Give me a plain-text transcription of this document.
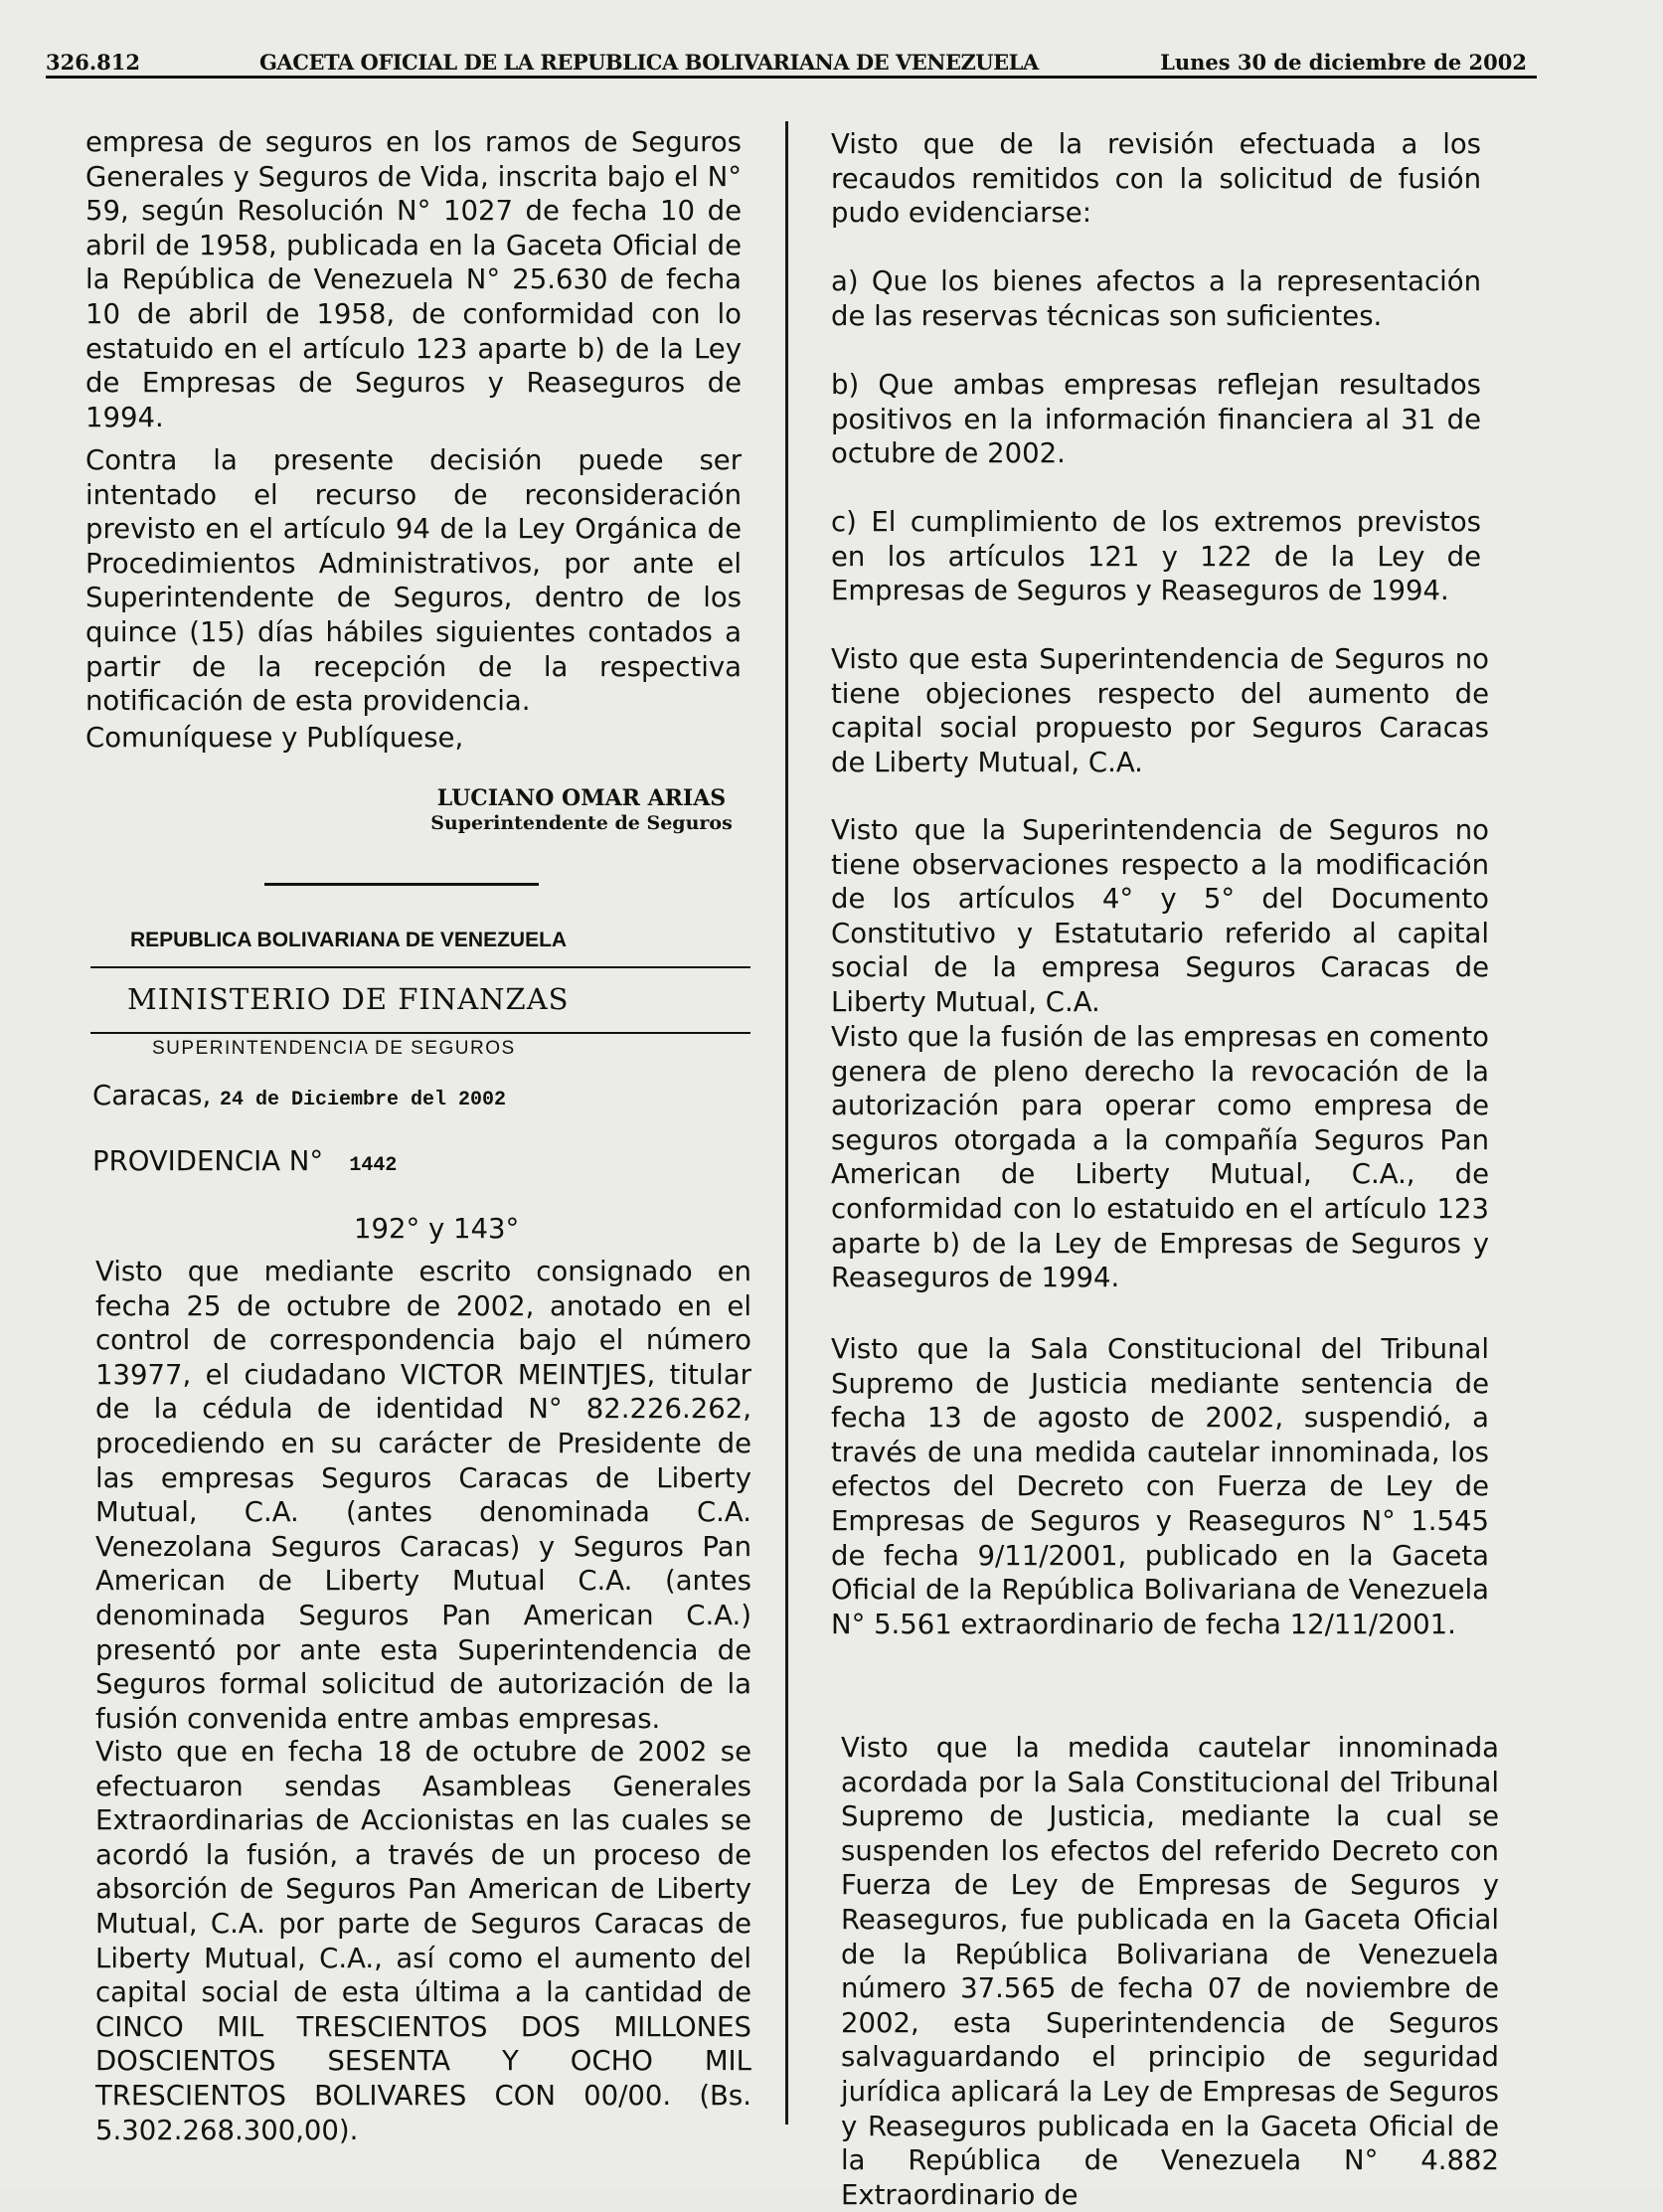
326.812	GACETA OFICIAL DE LA REPUBLICA BOLIVARIANA DE VENEZUELA	Lunes 30 de diciembre de 2002

empresa de seguros en los ramos de Seguros Generales y Seguros de Vida, inscrita bajo el N° 59, según Resolución N° 1027 de fecha 10 de abril de 1958, publicada en la Gaceta Oficial de la República de Venezuela N° 25.630 de fecha 10 de abril de 1958, de conformidad con lo estatuido en el artículo 123 aparte b) de la Ley de Empresas de Seguros y Reaseguros de 1994.

Contra la presente decisión puede ser intentado el recurso de reconsideración previsto en el artículo 94 de la Ley Orgánica de Procedimientos Administrativos, por ante el Superintendente de Seguros, dentro de los quince (15) días hábiles siguientes contados a partir de la recepción de la respectiva notificación de esta providencia.

Comuníquese y Publíquese,

LUCIANO OMAR ARIAS
Superintendente de Seguros
REPUBLICA BOLIVARIANA DE VENEZUELA
MINISTERIO DE FINANZAS
SUPERINTENDENCIA DE SEGUROS
Caracas, 24 de Diciembre del 2002
PROVIDENCIA N° 1442
192° y 143°

Visto que mediante escrito consignado en fecha 25 de octubre de 2002, anotado en el control de correspondencia bajo el número 13977, el ciudadano VICTOR MEINTJES, titular de la cédula de identidad N° 82.226.262, procediendo en su carácter de Presidente de las empresas Seguros Caracas de Liberty Mutual, C.A. (antes denominada C.A. Venezolana Seguros Caracas) y Seguros Pan American de Liberty Mutual C.A. (antes denominada Seguros Pan American C.A.) presentó por ante esta Superintendencia de Seguros formal solicitud de autorización de la fusión convenida entre ambas empresas.

Visto que en fecha 18 de octubre de 2002 se efectuaron sendas Asambleas Generales Extraordinarias de Accionistas en las cuales se acordó la fusión, a través de un proceso de absorción de Seguros Pan American de Liberty Mutual, C.A. por parte de Seguros Caracas de Liberty Mutual, C.A., así como el aumento del capital social de esta última a la cantidad de CINCO MIL TRESCIENTOS DOS MILLONES DOSCIENTOS SESENTA Y OCHO MIL TRESCIENTOS BOLIVARES CON 00/00. (Bs. 5.302.268.300,00).

Visto que de la revisión efectuada a los recaudos remitidos con la solicitud de fusión pudo evidenciarse:

a) Que los bienes afectos a la representación de las reservas técnicas son suficientes.

b) Que ambas empresas reflejan resultados positivos en la información financiera al 31 de octubre de 2002.

c) El cumplimiento de los extremos previstos en los artículos 121 y 122 de la Ley de Empresas de Seguros y Reaseguros de 1994.

Visto que esta Superintendencia de Seguros no tiene objeciones respecto del aumento de capital social propuesto por Seguros Caracas de Liberty Mutual, C.A.

Visto que la Superintendencia de Seguros no tiene observaciones respecto a la modificación de los artículos 4° y 5° del Documento Constitutivo y Estatutario referido al capital social de la empresa Seguros Caracas de Liberty Mutual, C.A.

Visto que la fusión de las empresas en comento genera de pleno derecho la revocación de la autorización para operar como empresa de seguros otorgada a la compañía Seguros Pan American de Liberty Mutual, C.A., de conformidad con lo estatuido en el artículo 123 aparte b) de la Ley de Empresas de Seguros y Reaseguros de 1994.

Visto que la Sala Constitucional del Tribunal Supremo de Justicia mediante sentencia de fecha 13 de agosto de 2002, suspendió, a través de una medida cautelar innominada, los efectos del Decreto con Fuerza de Ley de Empresas de Seguros y Reaseguros N° 1.545 de fecha 9/11/2001, publicado en la Gaceta Oficial de la República Bolivariana de Venezuela N° 5.561 extraordinario de fecha 12/11/2001.

Visto que la medida cautelar innominada acordada por la Sala Constitucional del Tribunal Supremo de Justicia, mediante la cual se suspenden los efectos del referido Decreto con Fuerza de Ley de Empresas de Seguros y Reaseguros, fue publicada en la Gaceta Oficial de la República Bolivariana de Venezuela número 37.565 de fecha 07 de noviembre de 2002, esta Superintendencia de Seguros salvaguardando el principio de seguridad jurídica aplicará la Ley de Empresas de Seguros y Reaseguros publicada en la Gaceta Oficial de la República de Venezuela N° 4.882 Extraordinario de
